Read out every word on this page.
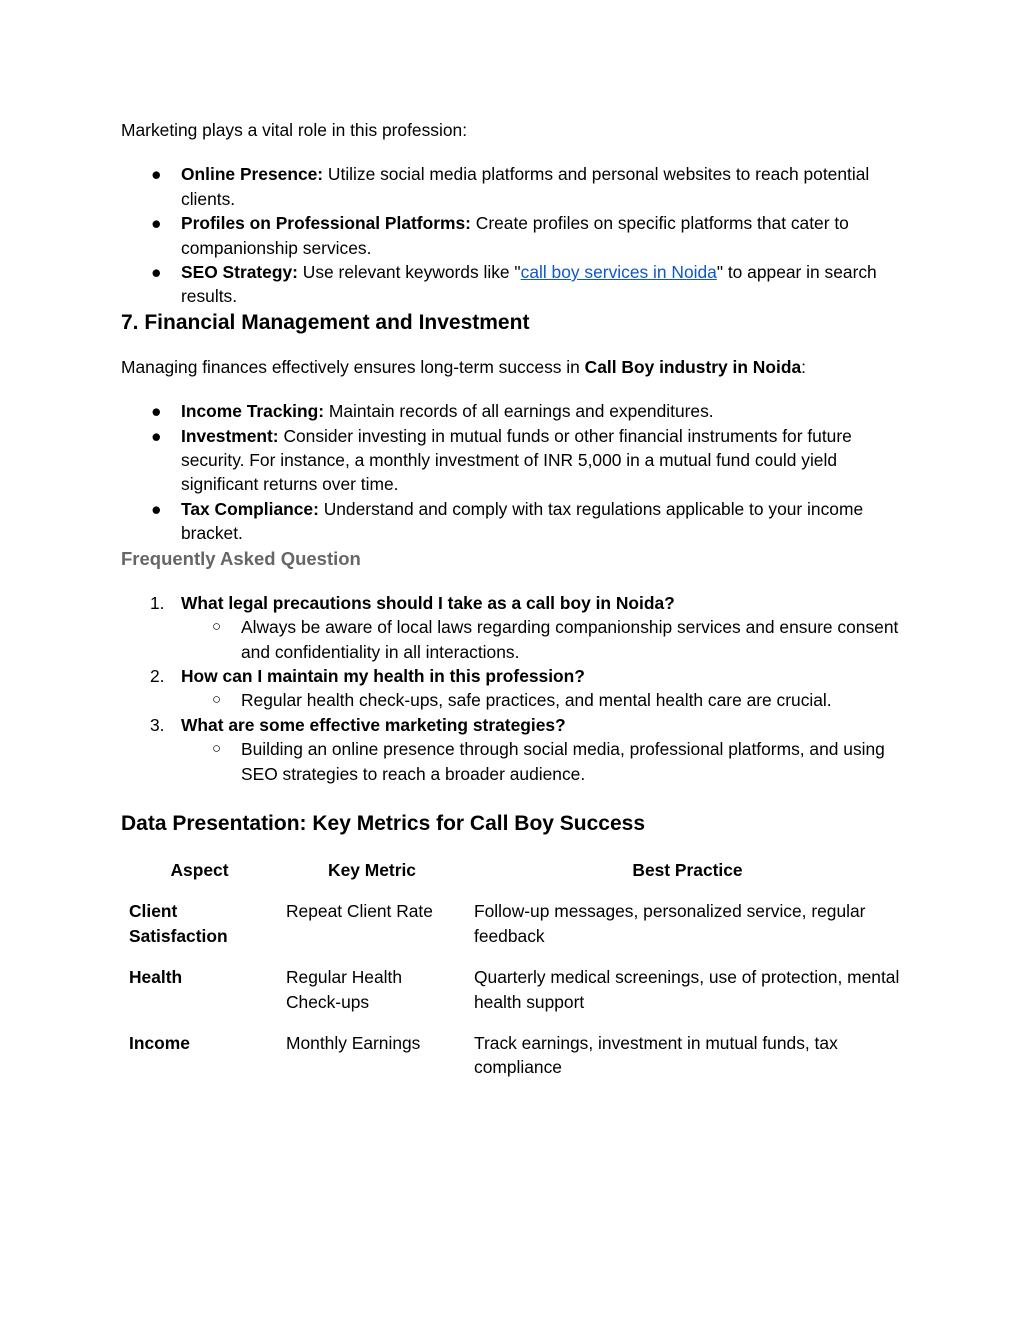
Marketing plays a vital role in this profession:

● Online Presence: Utilize social media platforms and personal websites to reach potential clients.
● Profiles on Professional Platforms: Create profiles on specific platforms that cater to companionship services.
● SEO Strategy: Use relevant keywords like "call boy services in Noida" to appear in search results.
7. Financial Management and Investment

Managing finances effectively ensures long-term success in Call Boy industry in Noida:

● Income Tracking: Maintain records of all earnings and expenditures.
● Investment: Consider investing in mutual funds or other financial instruments for future security. For instance, a monthly investment of INR 5,000 in a mutual fund could yield significant returns over time.
● Tax Compliance: Understand and comply with tax regulations applicable to your income bracket.
Frequently Asked Question
1. What legal precautions should I take as a call boy in Noida?
○ Always be aware of local laws regarding companionship services and ensure consent and confidentiality in all interactions.
2. How can I maintain my health in this profession?
○ Regular health check-ups, safe practices, and mental health care are crucial.
3. What are some effective marketing strategies?
○ Building an online presence through social media, professional platforms, and using SEO strategies to reach a broader audience.
Data Presentation: Key Metrics for Call Boy Success
Aspect	Key Metric	Best Practice
Client Satisfaction	Repeat Client Rate	Follow-up messages, personalized service, regular feedback
Health	Regular Health Check-ups	Quarterly medical screenings, use of protection, mental health support
Income	Monthly Earnings	Track earnings, investment in mutual funds, tax compliance
